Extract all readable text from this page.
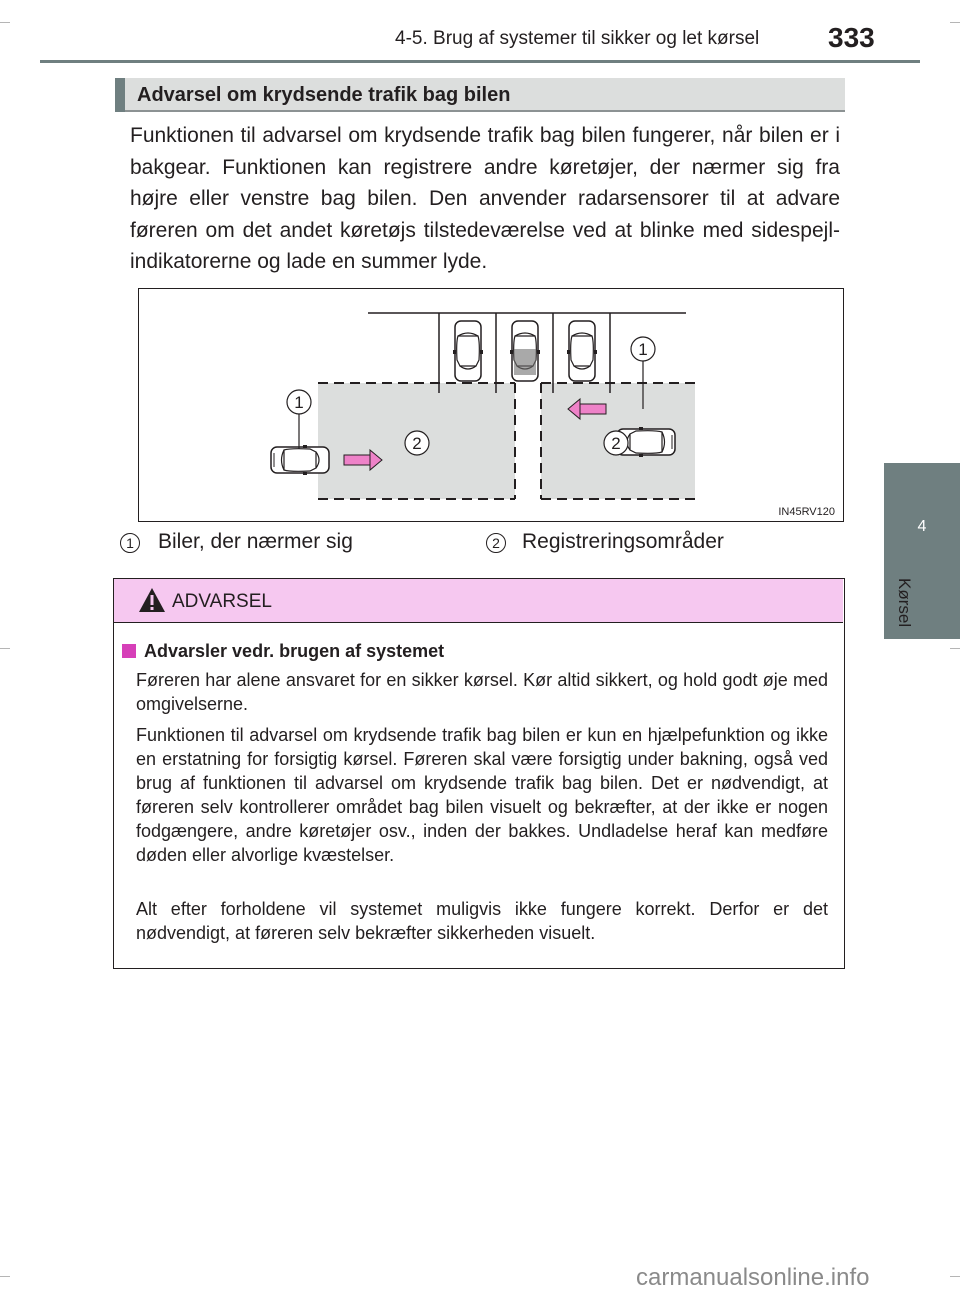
4-5. Brug af systemer til sikker og let kørsel 333
4
Kørsel
Advarsel om krydsende trafik bag bilen
Funktionen til advarsel om krydsende trafik bag bilen fungerer, når bilen er i bakgear. Funktionen kan registrere andre køretøjer, der nærmer sig fra højre eller venstre bag bilen. Den anvender radarsensorer til at advare føreren om det andet køretøjs tilstedeværelse ved at blinke med sidespejl-indikatorerne og lade en summer lyde.
1
1
2	2
IN45RV120
1 Biler, der nærmer sig	2 Registreringsområder
ADVARSEL
Advarsler vedr. brugen af systemet
Føreren har alene ansvaret for en sikker kørsel. Kør altid sikkert, og hold godt øje med omgivelserne.
Funktionen til advarsel om krydsende trafik bag bilen er kun en hjælpefunktion og ikke en erstatning for forsigtig kørsel. Føreren skal være forsigtig under bakning, også ved brug af funktionen til advarsel om krydsende trafik bag bilen. Det er nødvendigt, at føreren selv kontrollerer området bag bilen visuelt og bekræfter, at der ikke er nogen fodgængere, andre køretøjer osv., inden der bakkes. Undladelse heraf kan medføre døden eller alvorlige kvæstelser.
Alt efter forholdene vil systemet muligvis ikke fungere korrekt. Derfor er det nødvendigt, at føreren selv bekræfter sikkerheden visuelt.
carmanualsonline.info
